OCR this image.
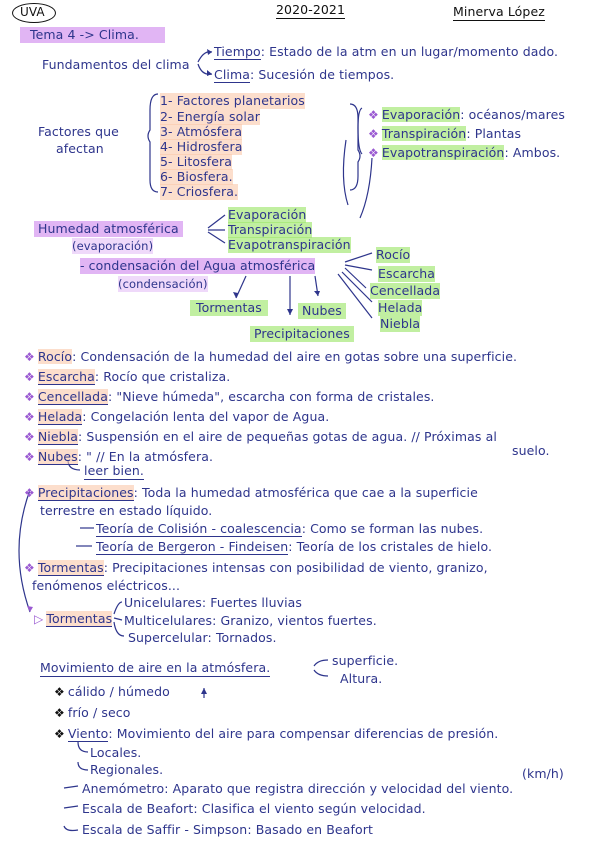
UVA	2020-2021	Minerva López
Tema 4 -> Clima.
Fundamentos del clima
Tiempo: Estado de la atm en un lugar/momento dado.
Clima: Sucesión de tiempos.
Factores que
afectan
1- Factores planetarios
2- Energía solar
3- Atmósfera
4- Hidrosfera
5- Litosfera
6- Biosfera.
7- Criosfera.
❖ Evaporación: océanos/mares
❖ Transpiración: Plantas
❖ Evapotranspiración: Ambos.
Humedad atmosférica
(evaporación)
Evaporación
Transpiración
Evapotranspiración
- condensación del Agua atmosférica
(condensación)
Rocío
Escarcha
Cencellada
Helada
Niebla
Tormentas	Nubes
Precipitaciones
❖ Rocío: Condensación de la humedad del aire en gotas sobre una superficie.
❖ Escarcha: Rocío que cristaliza.
❖ Cencellada: "Nieve húmeda", escarcha con forma de cristales.
❖ Helada: Congelación lenta del vapor de Agua.
❖ Niebla: Suspensión en el aire de pequeñas gotas de agua. // Próximas al
suelo.
❖ Nubes: " // En la atmósfera.
leer bien.
❖ Precipitaciones: Toda la humedad atmosférica que cae a la superficie
terrestre en estado líquido.
Teoría de Colisión - coalescencia: Como se forman las nubes.
Teoría de Bergeron - Findeisen: Teoría de los cristales de hielo.
❖ Tormentas: Precipitaciones intensas con posibilidad de viento, granizo,
fenómenos eléctricos...
▷ Tormentas
Unicelulares: Fuertes lluvias
Multicelulares: Granizo, vientos fuertes.
Supercelular: Tornados.
Movimiento de aire en la atmósfera.	superficie.
Altura.
❖ cálido / húmedo
❖ frío / seco
❖ Viento: Movimiento del aire para compensar diferencias de presión.
Locales.
Regionales.	(km/h)
Anemómetro: Aparato que registra dirección y velocidad del viento.
Escala de Beafort: Clasifica el viento según velocidad.
Escala de Saffir - Simpson: Basado en Beafort
